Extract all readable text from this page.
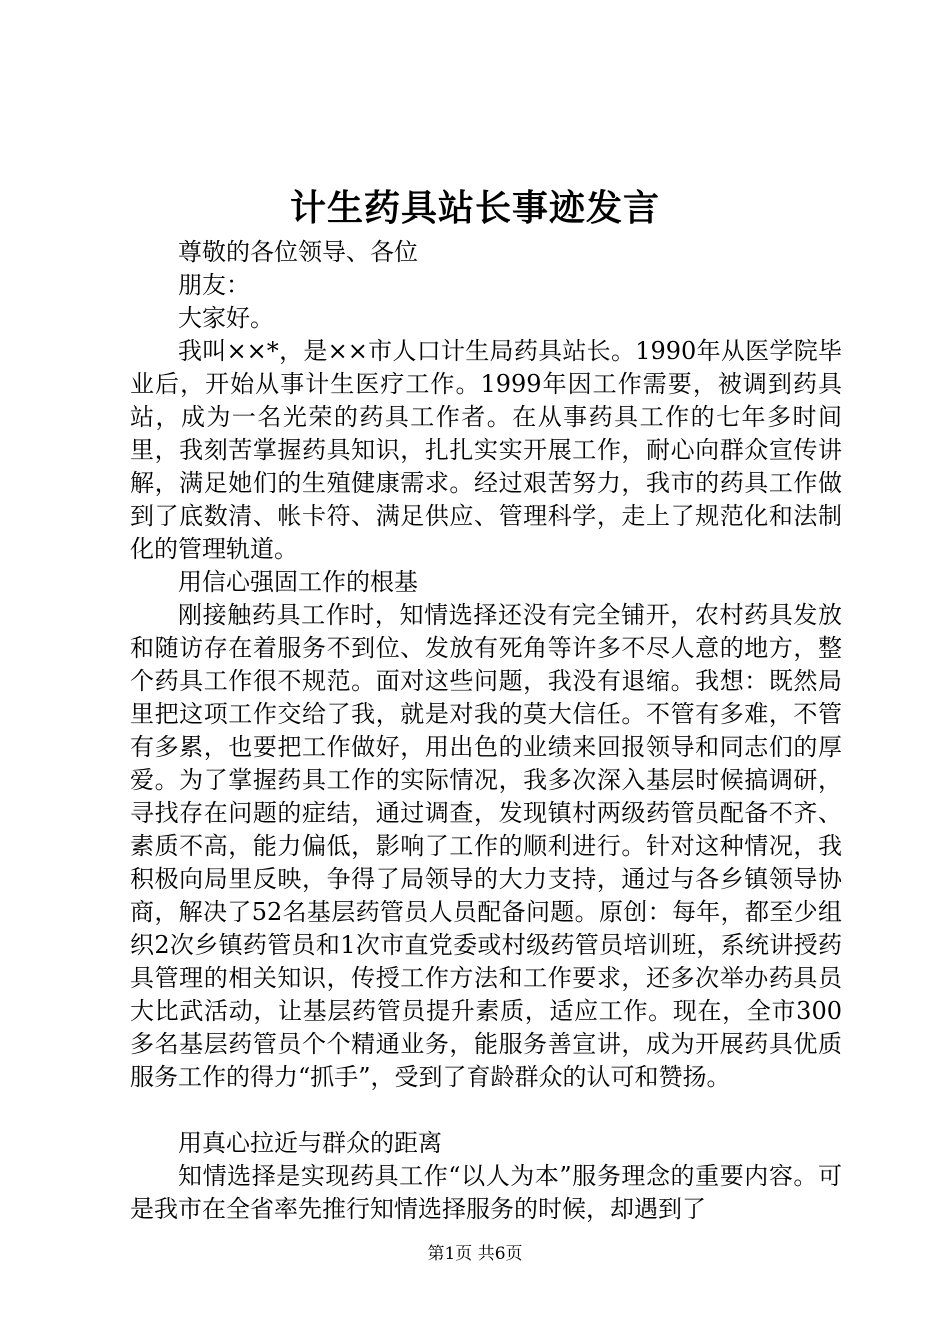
计生药具站长事迹发言

尊敬的各位领导、各位

朋友：

大家好。

我叫××*，是××市人口计生局药具站长。1990年从医学院毕业后，开始从事计生医疗工作。1999年因工作需要，被调到药具站，成为一名光荣的药具工作者。在从事药具工作的七年多时间里，我刻苦掌握药具知识，扎扎实实开展工作，耐心向群众宣传讲解，满足她们的生殖健康需求。经过艰苦努力，我市的药具工作做到了底数清、帐卡符、满足供应、管理科学，走上了规范化和法制化的管理轨道。

用信心强固工作的根基

刚接触药具工作时，知情选择还没有完全铺开，农村药具发放和随访存在着服务不到位、发放有死角等许多不尽人意的地方，整个药具工作很不规范。面对这些问题，我没有退缩。我想：既然局里把这项工作交给了我，就是对我的莫大信任。不管有多难，不管有多累，也要把工作做好，用出色的业绩来回报领导和同志们的厚爱。为了掌握药具工作的实际情况，我多次深入基层时候搞调研，寻找存在问题的症结，通过调查，发现镇村两级药管员配备不齐、素质不高，能力偏低，影响了工作的顺利进行。针对这种情况，我积极向局里反映，争得了局领导的大力支持，通过与各乡镇领导协商，解决了52名基层药管员人员配备问题。原创：每年，都至少组织2次乡镇药管员和1次市直党委或村级药管员培训班，系统讲授药具管理的相关知识，传授工作方法和工作要求，还多次举办药具员大比武活动，让基层药管员提升素质，适应工作。现在，全市300多名基层药管员个个精通业务，能服务善宣讲，成为开展药具优质服务工作的得力“抓手”，受到了育龄群众的认可和赞扬。

用真心拉近与群众的距离

知情选择是实现药具工作“以人为本”服务理念的重要内容。可是我市在全省率先推行知情选择服务的时候，却遇到了

第1页 共6页
